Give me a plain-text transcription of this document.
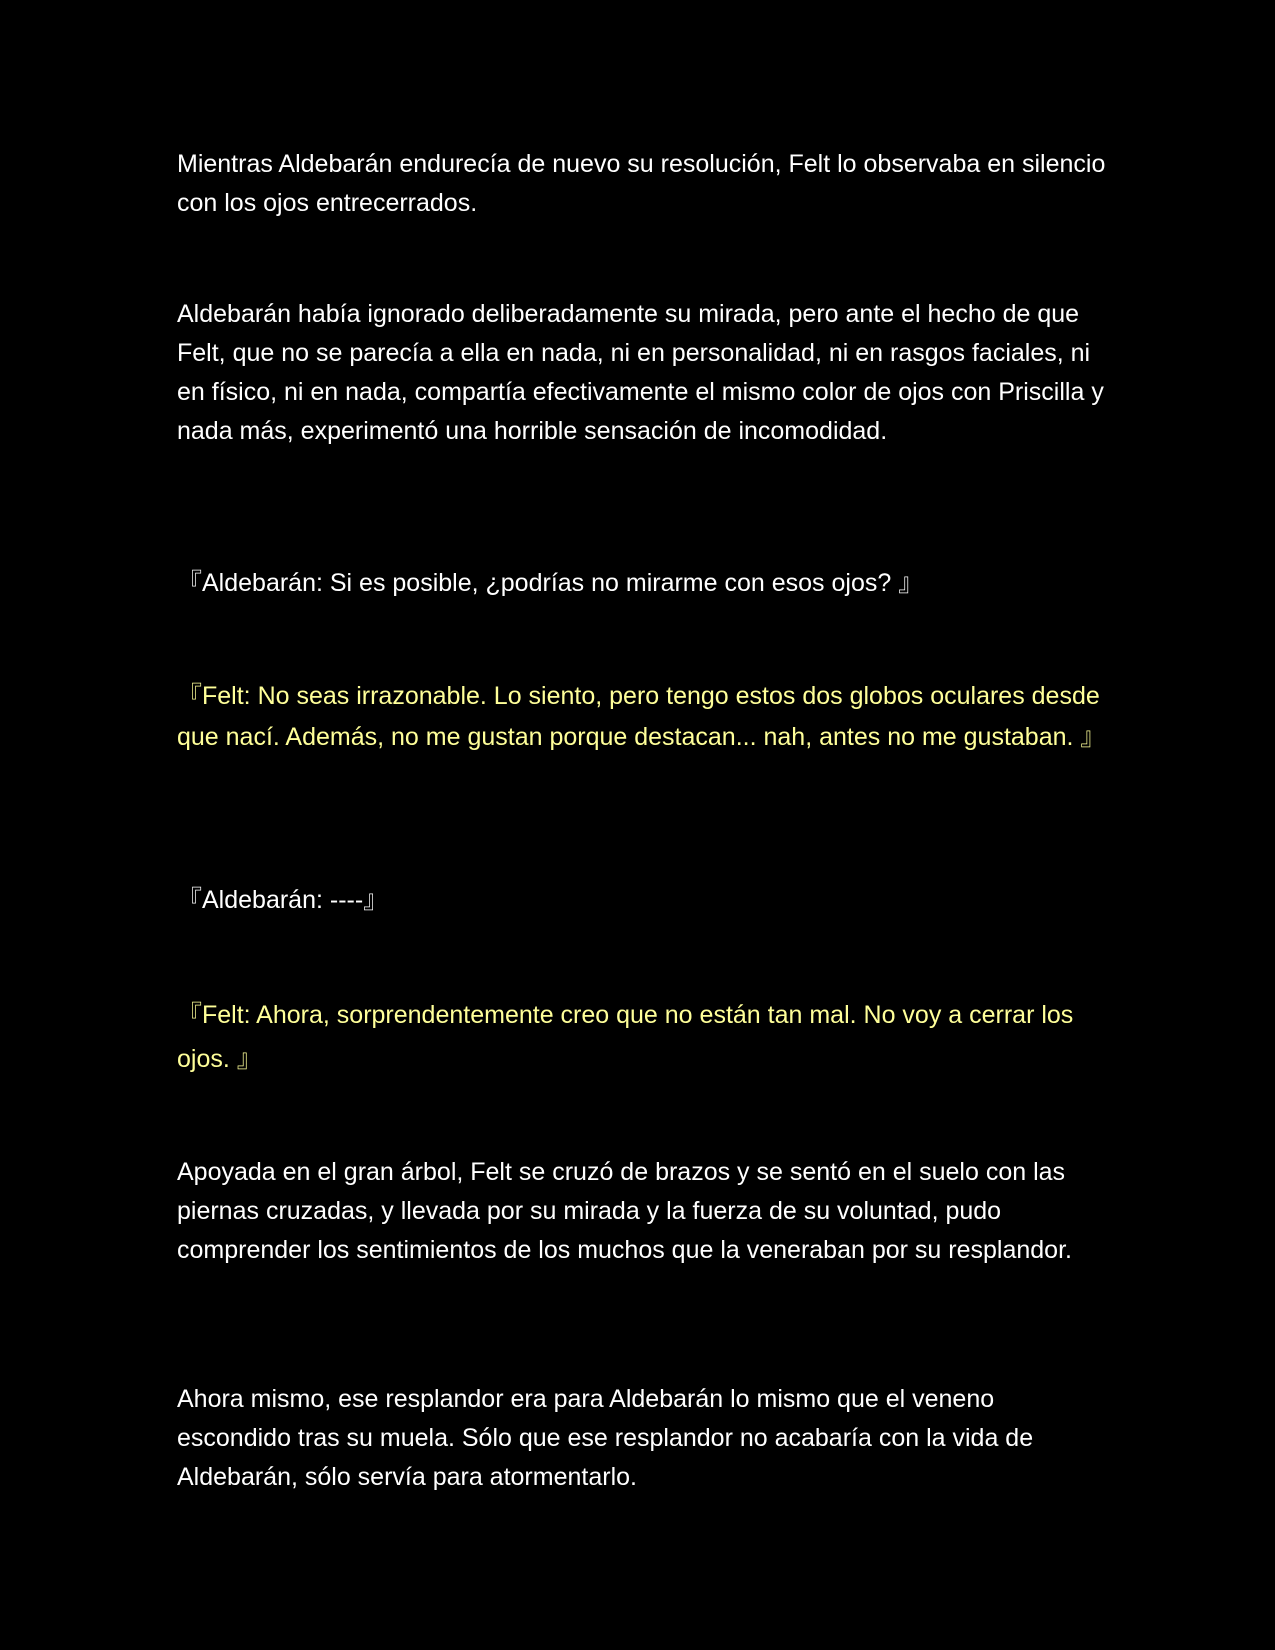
Mientras Aldebarán endurecía de nuevo su resolución, Felt lo observaba en silencio con los ojos entrecerrados.

Aldebarán había ignorado deliberadamente su mirada, pero ante el hecho de que Felt, que no se parecía a ella en nada, ni en personalidad, ni en rasgos faciales, ni en físico, ni en nada, compartía efectivamente el mismo color de ojos con Priscilla y nada más, experimentó una horrible sensación de incomodidad.

『Aldebarán: Si es posible, ¿podrías no mirarme con esos ojos? 』

『Felt: No seas irrazonable. Lo siento, pero tengo estos dos globos oculares desde que nací. Además, no me gustan porque destacan... nah, antes no me gustaban. 』

『Aldebarán: ----』

『Felt: Ahora, sorprendentemente creo que no están tan mal. No voy a cerrar los ojos. 』

Apoyada en el gran árbol, Felt se cruzó de brazos y se sentó en el suelo con las piernas cruzadas, y llevada por su mirada y la fuerza de su voluntad, pudo comprender los sentimientos de los muchos que la veneraban por su resplandor.

Ahora mismo, ese resplandor era para Aldebarán lo mismo que el veneno escondido tras su muela. Sólo que ese resplandor no acabaría con la vida de Aldebarán, sólo servía para atormentarlo.
